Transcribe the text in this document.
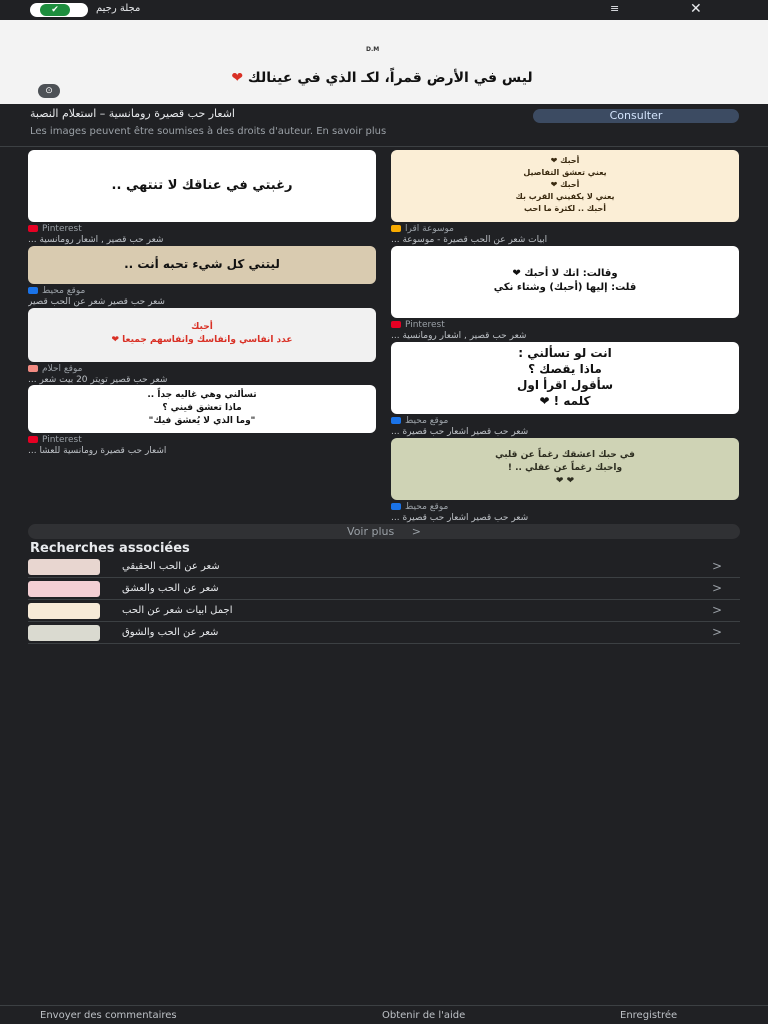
✔	مجلة رجيم	≡	✕
D.M
ليس في الأرض قمراً، لكـ الذي في عينالك ❤
⊙
اشعار حب قصيرة رومانسية – استعلام النصبة	Consulter
Les images peuvent être soumises à des droits d'auteur. En savoir plus
رغبتي في عناقك لا تنتهي ..
Pinterest
شعر حب قصير , اشعار رومانسية ...
أحبك ❤
يعني تعشق التفاصيل
أحبك ❤
يعني لا يكفيني القرب بك
أحبك .. لكثرة ما احب
موسوعة اقرا
ابيات شعر عن الحب قصيرة - موسوعة ...
ليتني كل شيء تحبه أنت ..
موقع محيط
شعر حب قصير شعر عن الحب قصير
وقالت: انك لا أحبك ❤
قلت: إليها (أحبك) وشتاء نكي
Pinterest
شعر حب قصير , اشعار رومانسية ...
أحبك
عدد انفاسي وانفاسك وانفاسهم جميعا ❤
موقع احلام
شعر حب قصير تويتر 20 بيت شعر ...
انت لو تسألني :
ماذا يقصك ؟
سأقول اقرأ اول
كلمه ! ❤
موقع محيط
شعر حب قصير اشعار حب قصيرة ...
تسألني وهي غاليه جداً ..
ماذا تعشق فيني ؟
"وما الذي لا يُعشق فيك"
Pinterest
اشعار حب قصيرة رومانسية للعشا ...	في حبك اعشقك رغماً عن قلبي
واحبك رغماً عن عقلي .. !
❤ ❤
موقع محيط
شعر حب قصير اشعار حب قصيرة ...
Voir plus >
Recherches associées
شعر عن الحب الحقيقي	>
شعر عن الحب والعشق	>
اجمل ابيات شعر عن الحب	>
شعر عن الحب والشوق	>
Envoyer des commentaires	Obtenir de l'aide	Enregistrée
